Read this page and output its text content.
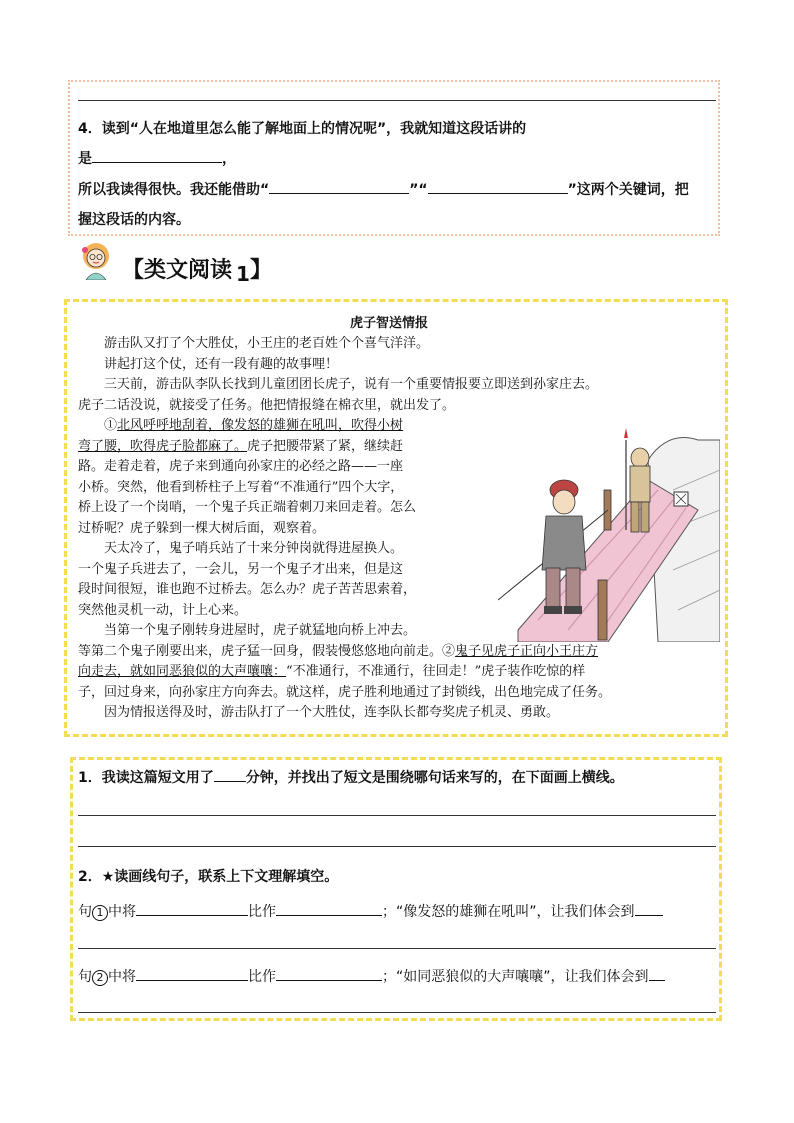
4．读到“人在地道里怎么能了解地面上的情况呢”，我就知道这段话讲的
是	，
所以我读得很快。我还能借助“	”“	”这两个关键词，把
握这段话的内容。
【类文阅读 1】
虎子智送情报
游击队又打了个大胜仗，小王庄的老百姓个个喜气洋洋。
讲起打这个仗，还有一段有趣的故事哩！
三天前，游击队李队长找到儿童团团长虎子，说有一个重要情报要立即送到孙家庄去。
虎子二话没说，就接受了任务。他把情报缝在棉衣里，就出发了。
①北风呼呼地刮着，像发怒的雄狮在吼叫，吹得小树
弯了腰，吹得虎子脸都麻了。虎子把腰带紧了紧，继续赶
路。走着走着，虎子来到通向孙家庄的必经之路——一座
小桥。突然，他看到桥柱子上写着“不准通行”四个大字，
桥上设了一个岗哨，一个鬼子兵正端着刺刀来回走着。怎么
过桥呢？虎子躲到一棵大树后面，观察着。
天太冷了，鬼子哨兵站了十来分钟岗就得进屋换人。
一个鬼子兵进去了，一会儿，另一个鬼子才出来，但是这
段时间很短，谁也跑不过桥去。怎么办？虎子苦苦思索着，
突然他灵机一动，计上心来。
当第一个鬼子刚转身进屋时，虎子就猛地向桥上冲去。
等第二个鬼子刚要出来，虎子猛一回身，假装慢悠悠地向前走。②鬼子见虎子正向小王庄方
向走去，就如同恶狼似的大声嚷嚷：“不准通行，不准通行，往回走！”虎子装作吃惊的样
子，回过身来，向孙家庄方向奔去。就这样，虎子胜利地通过了封锁线，出色地完成了任务。
因为情报送得及时，游击队打了一个大胜仗，连李队长都夸奖虎子机灵、勇敢。
1．我读这篇短文用了 分钟，并找出了短文是围绕哪句话来写的，在下面画上横线。
2．★读画线句子，联系上下文理解填空。
句 1 中将	比作	；“像发怒的雄狮在吼叫”，让我们体会到
句 2 中将	比作	；“如同恶狼似的大声嚷嚷”，让我们体会到
